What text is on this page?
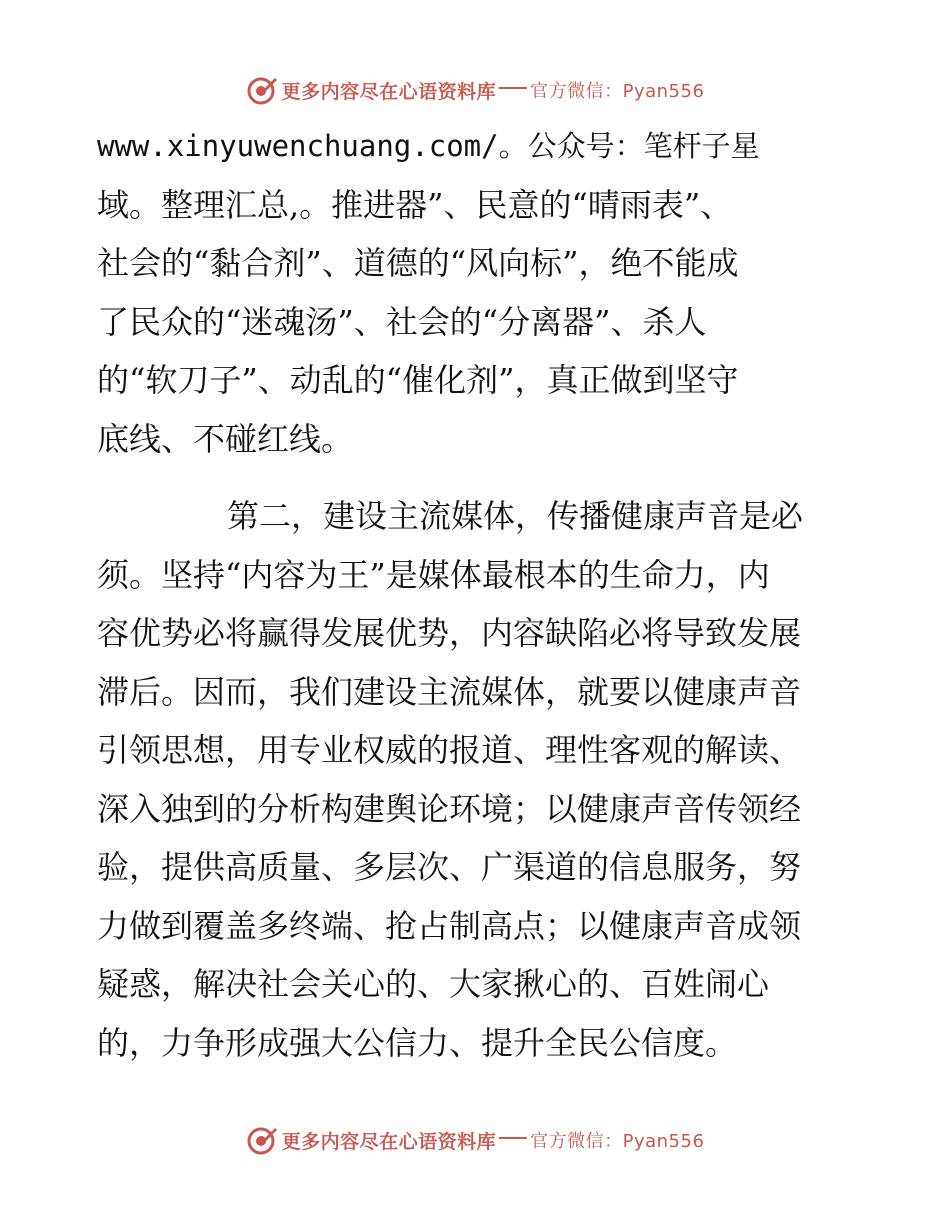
更多内容尽在心语资料库 官方微信：Pyan556
www.xinyuwenchuang.com/。公众号：笔杆子星
域。整理汇总,。推进器”、民意的“晴雨表”、
社会的“黏合剂”、道德的“风向标”，绝不能成
了民众的“迷魂汤”、社会的“分离器”、杀人
的“软刀子”、动乱的“催化剂”，真正做到坚守
底线、不碰红线。
第二，建设主流媒体，传播健康声音是必
须。坚持“内容为王”是媒体最根本的生命力，内
容优势必将赢得发展优势，内容缺陷必将导致发展
滞后。因而，我们建设主流媒体，就要以健康声音
引领思想，用专业权威的报道、理性客观的解读、
深入独到的分析构建舆论环境；以健康声音传领经
验，提供高质量、多层次、广渠道的信息服务，努
力做到覆盖多终端、抢占制高点；以健康声音成领
疑惑，解决社会关心的、大家揪心的、百姓闹心
的，力争形成强大公信力、提升全民公信度。
更多内容尽在心语资料库 官方微信：Pyan556
